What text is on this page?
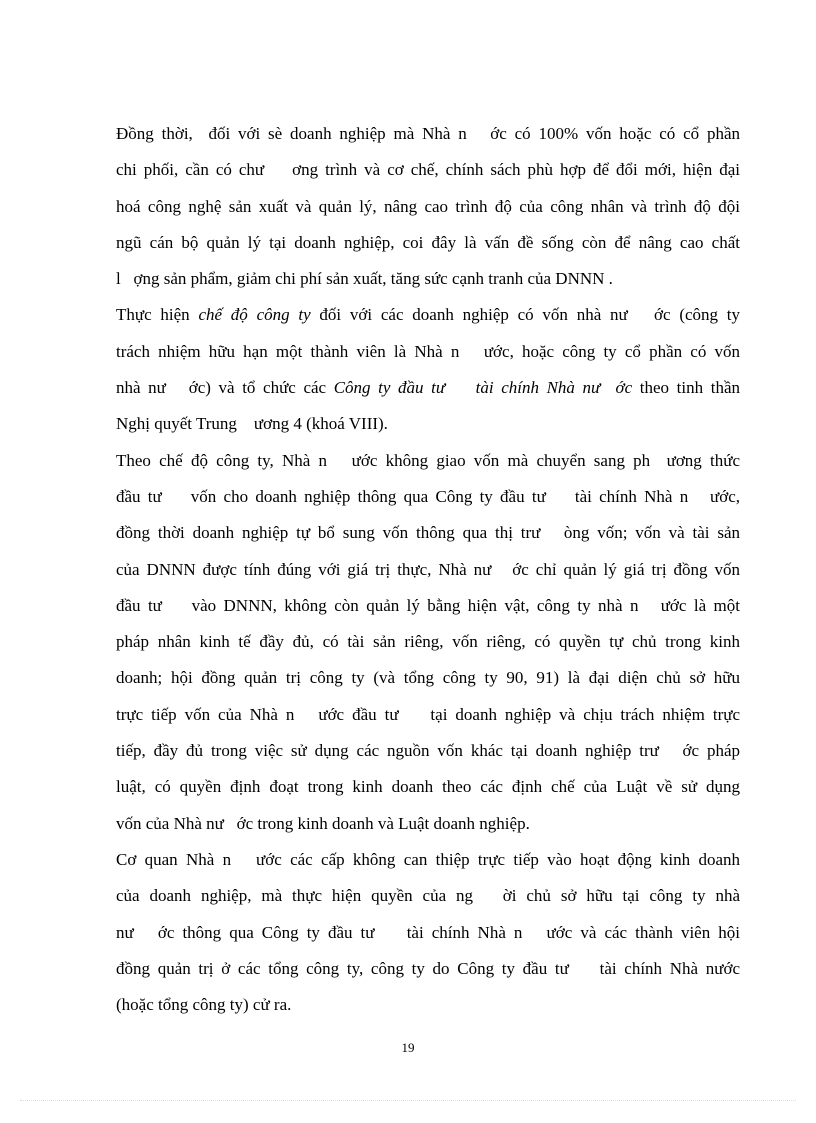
Đồng thời,  đối với sè doanh nghiệp mà Nhà n   ớc có 100% vốn hoặc có cổ phần
chi phối, cần có chư    ơng trình và cơ chế, chính sách phù hợp để đổi mới, hiện đại
hoá công nghệ sản xuất và quản lý, nâng cao trình độ của công nhân và trình độ đội
ngũ cán bộ quản lý tại doanh nghiệp, coi đây là vấn đề sống còn để nâng cao chất
l   ợng sản phẩm, giảm chi phí sản xuất, tăng sức cạnh tranh của DNNN .
Thực hiện chế độ công ty đối với các doanh nghiệp có vốn nhà nư   ớc (công ty
trách nhiệm hữu hạn một thành viên là Nhà n   ước, hoặc công ty cổ phần có vốn
nhà nư   ớc) và tổ chức các Công ty đầu tư    tài chính Nhà nư  ớc theo tinh thần
Nghị quyết Trung    ương 4 (khoá VIII).
Theo chế độ công ty, Nhà n   ước không giao vốn mà chuyển sang ph  ương thức
đầu tư    vốn cho doanh nghiệp thông qua Công ty đầu tư    tài chính Nhà n   ước,
đồng thời doanh nghiệp tự bổ sung vốn thông qua thị trư   òng vốn; vốn và tài sản
của DNNN được tính đúng với giá trị thực, Nhà nư   ớc chỉ quản lý giá trị đồng vốn
đầu tư    vào DNNN, không còn quản lý bằng hiện vật, công ty nhà n   ước là một
pháp nhân kinh tế đầy đủ, có tài sản riêng, vốn riêng, có quyền tự chủ trong kinh
doanh; hội đồng quản trị công ty (và tổng công ty 90, 91) là đại diện chủ sở hữu
trực tiếp vốn của Nhà n   ước đầu tư    tại doanh nghiệp và chịu trách nhiệm trực
tiếp, đầy đủ trong việc sử dụng các nguồn vốn khác tại doanh nghiệp trư   ớc pháp
luật, có quyền định đoạt trong kinh doanh theo các định chế của Luật về sử dụng
vốn của Nhà nư   ớc trong kinh doanh và Luật doanh nghiệp.
Cơ quan Nhà n   ước các cấp không can thiệp trực tiếp vào hoạt động kinh doanh
của doanh nghiệp, mà thực hiện quyền của ng   ời chủ sở hữu tại công ty nhà
nư   ớc thông qua Công ty đầu tư    tài chính Nhà n   ước và các thành viên hội
đồng quản trị ở các tổng công ty, công ty do Công ty đầu tư    tài chính Nhà nước
(hoặc tổng công ty) cử ra.
19
